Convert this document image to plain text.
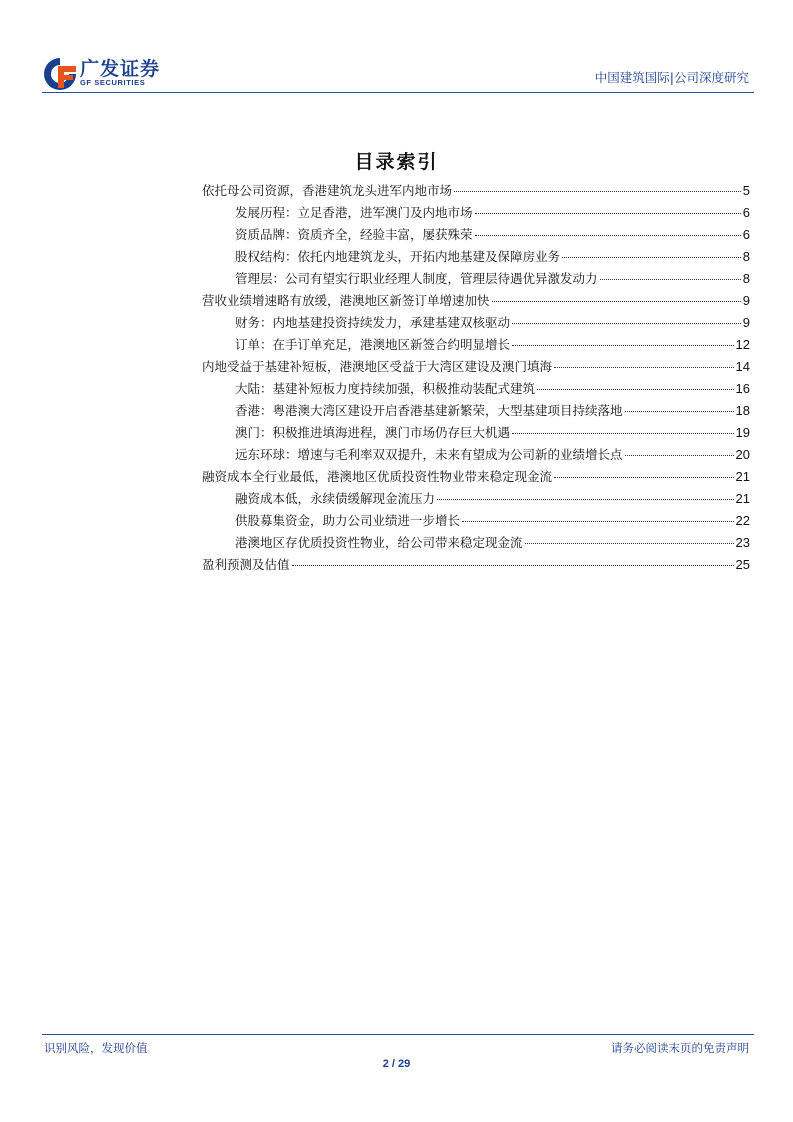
广发证券
GF SECURITIES	中国建筑国际|公司深度研究
目录索引
依托母公司资源，香港建筑龙头进军内地市场	5
发展历程：立足香港，进军澳门及内地市场	6
资质品牌：资质齐全，经验丰富，屡获殊荣	6
股权结构：依托内地建筑龙头，开拓内地基建及保障房业务	8
管理层：公司有望实行职业经理人制度，管理层待遇优异激发动力	8
营收业绩增速略有放缓，港澳地区新签订单增速加快	9
财务：内地基建投资持续发力，承建基建双核驱动	9
订单：在手订单充足，港澳地区新签合约明显增长	12
内地受益于基建补短板，港澳地区受益于大湾区建设及澳门填海	14
大陆：基建补短板力度持续加强，积极推动装配式建筑	16
香港：粤港澳大湾区建设开启香港基建新繁荣，大型基建项目持续落地	18
澳门：积极推进填海进程，澳门市场仍存巨大机遇	19
远东环球：增速与毛利率双双提升，未来有望成为公司新的业绩增长点	20
融资成本全行业最低，港澳地区优质投资性物业带来稳定现金流	21
融资成本低，永续债缓解现金流压力	21
供股募集资金，助力公司业绩进一步增长	22
港澳地区存优质投资性物业，给公司带来稳定现金流	23
盈利预测及估值	25
识别风险，发现价值	请务必阅读末页的免责声明
2 / 29
